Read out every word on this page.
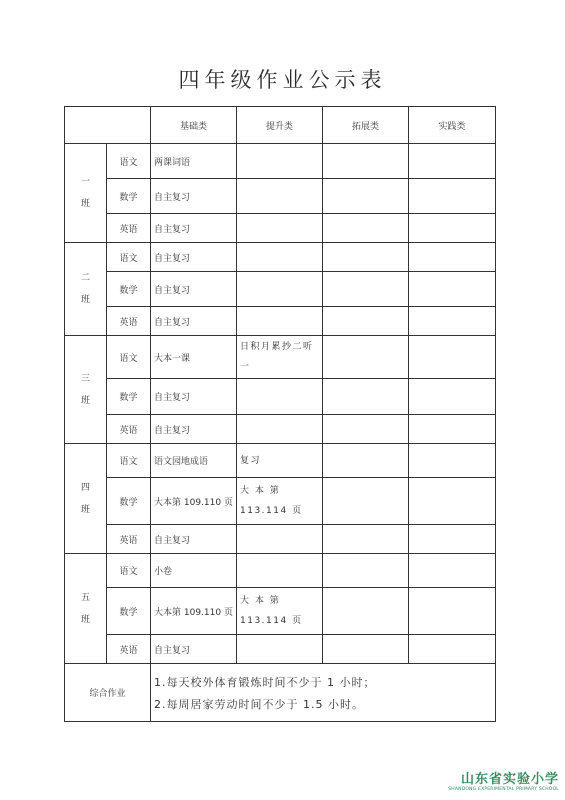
四年级作业公示表
		基础类	提升类	拓展类	实践类

一
班	语文	两课词语			
	数学	自主复习			
	英语	自主复习			

二
班	语文	自主复习			
	数学	自主复习			
	英语	自主复习			

三
班	语文	大本一课	日积月累抄二听一		
	数学	自主复习			
	英语	自主复习			

四
班	语文	语文园地成语	复习		
	数学	大本第 109.110 页	大 本 第 113.114 页		
	英语	自主复习			

五
班	语文	小卷			
	数学	大本第 109.110 页	大 本 第 113.114 页		
	英语	自主复习			
综合作业		1.每天校外体育锻炼时间不少于 1 小时；
2.每周居家劳动时间不少于 1.5 小时。			
山东省实验小学
SHANDONG EXPERIMENTAL PRIMARY SCHOOL
